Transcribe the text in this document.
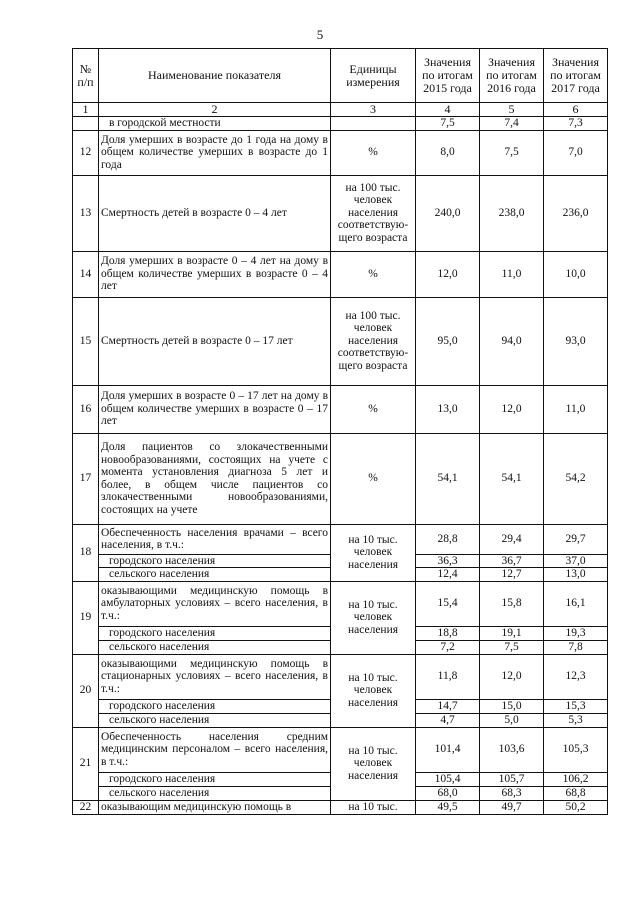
5
№ п/п	Наименование показателя	Единицы измерения	Значения по итогам 2015 года	Значения по итогам 2016 года	Значения по итогам 2017 года
1	2	3	4	5	6
	в городской местности		7,5	7,4	7,3
12	Доля умерших в возрасте до 1 года на дому в общем количестве умерших в возрасте до 1 года	%	8,0	7,5	7,0
13	Смертность детей в возрасте 0 – 4 лет	на 100 тыс. человек населения соответствую-щего возраста	240,0	238,0	236,0
14	Доля умерших в возрасте 0 – 4 лет на дому в общем количестве умерших в возрасте 0 – 4 лет	%	12,0	11,0	10,0
15	Смертность детей в возрасте 0 – 17 лет	на 100 тыс. человек населения соответствую-щего возраста	95,0	94,0	93,0
16	Доля умерших в возрасте 0 – 17 лет на дому в общем количестве умерших в возрасте 0 – 17 лет	%	13,0	12,0	11,0
17	Доля пациентов со злокачественными новообразованиями, состоящих на учете с момента установления диагноза 5 лет и более, в общем числе пациентов со злокачественными новообразованиями, состоящих на учете	%	54,1	54,1	54,2
18	Обеспеченность населения врачами – всего населения, в т.ч.:	на 10 тыс. человек населения	28,8	29,4	29,7
	городского населения		36,3	36,7	37,0
	сельского населения		12,4	12,7	13,0
19	оказывающими медицинскую помощь в амбулаторных условиях – всего населения, в т.ч.:	на 10 тыс. человек населения	15,4	15,8	16,1
	городского населения		18,8	19,1	19,3
	сельского населения		7,2	7,5	7,8
20	оказывающими медицинскую помощь в стационарных условиях – всего населения, в т.ч.:	на 10 тыс. человек населения	11,8	12,0	12,3
	городского населения		14,7	15,0	15,3
	сельского населения		4,7	5,0	5,3
21	Обеспеченность населения средним медицинским персоналом – всего населения, в т.ч.:	на 10 тыс. человек населения	101,4	103,6	105,3
	городского населения		105,4	105,7	106,2
	сельского населения		68,0	68,3	68,8
22	оказывающим медицинскую помощь в	на 10 тыс.	49,5	49,7	50,2
